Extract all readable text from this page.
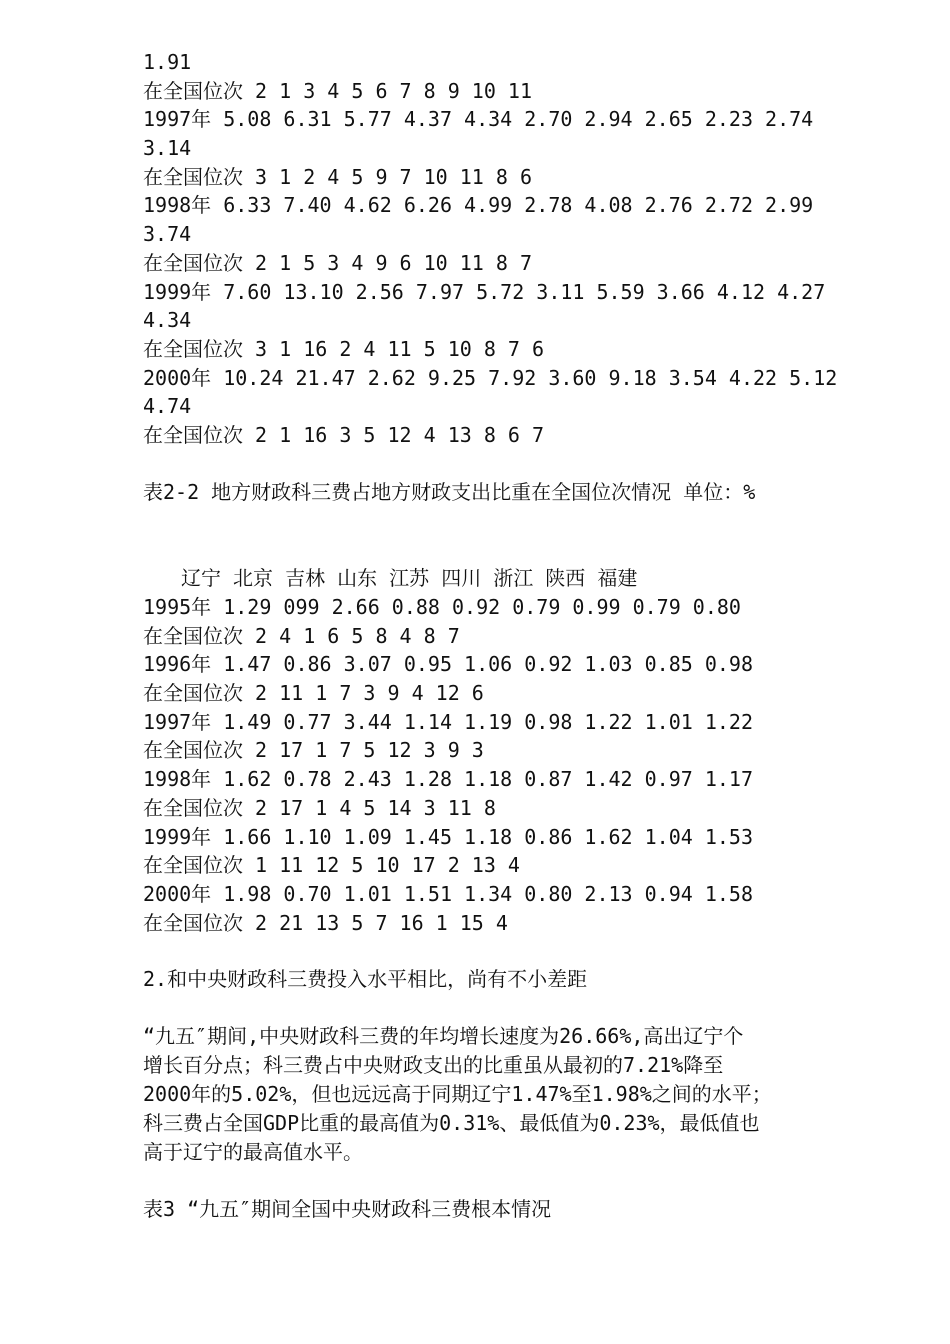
1.91
在全国位次 2 1 3 4 5 6 7 8 9 10 11
1997年 5.08 6.31 5.77 4.37 4.34 2.70 2.94 2.65 2.23 2.74
3.14
在全国位次 3 1 2 4 5 9 7 10 11 8 6
1998年 6.33 7.40 4.62 6.26 4.99 2.78 4.08 2.76 2.72 2.99
3.74
在全国位次 2 1 5 3 4 9 6 10 11 8 7
1999年 7.60 13.10 2.56 7.97 5.72 3.11 5.59 3.66 4.12 4.27
4.34
在全国位次 3 1 16 2 4 11 5 10 8 7 6
2000年 10.24 21.47 2.62 9.25 7.92 3.60 9.18 3.54 4.22 5.12
4.74
在全国位次 2 1 16 3 5 12 4 13 8 6 7
表2-2 地方财政科三费占地方财政支出比重在全国位次情况 单位：%
辽宁 北京 吉林 山东 江苏 四川 浙江 陕西 福建
1995年 1.29 099 2.66 0.88 0.92 0.79 0.99 0.79 0.80
在全国位次 2 4 1 6 5 8 4 8 7
1996年 1.47 0.86 3.07 0.95 1.06 0.92 1.03 0.85 0.98
在全国位次 2 11 1 7 3 9 4 12 6
1997年 1.49 0.77 3.44 1.14 1.19 0.98 1.22 1.01 1.22
在全国位次 2 17 1 7 5 12 3 9 3
1998年 1.62 0.78 2.43 1.28 1.18 0.87 1.42 0.97 1.17
在全国位次 2 17 1 4 5 14 3 11 8
1999年 1.66 1.10 1.09 1.45 1.18 0.86 1.62 1.04 1.53
在全国位次 1 11 12 5 10 17 2 13 4
2000年 1.98 0.70 1.01 1.51 1.34 0.80 2.13 0.94 1.58
在全国位次 2 21 13 5 7 16 1 15 4
2.和中央财政科三费投入水平相比，尚有不小差距
“九五″期间,中央财政科三费的年均增长速度为26.66%,高出辽宁个
增长百分点；科三费占中央财政支出的比重虽从最初的7.21%降至
2000年的5.02%，但也远远高于同期辽宁1.47%至1.98%之间的水平；
科三费占全国GDP比重的最高值为0.31%、最低值为0.23%，最低值也
高于辽宁的最高值水平。
表3 “九五″期间全国中央财政科三费根本情况
